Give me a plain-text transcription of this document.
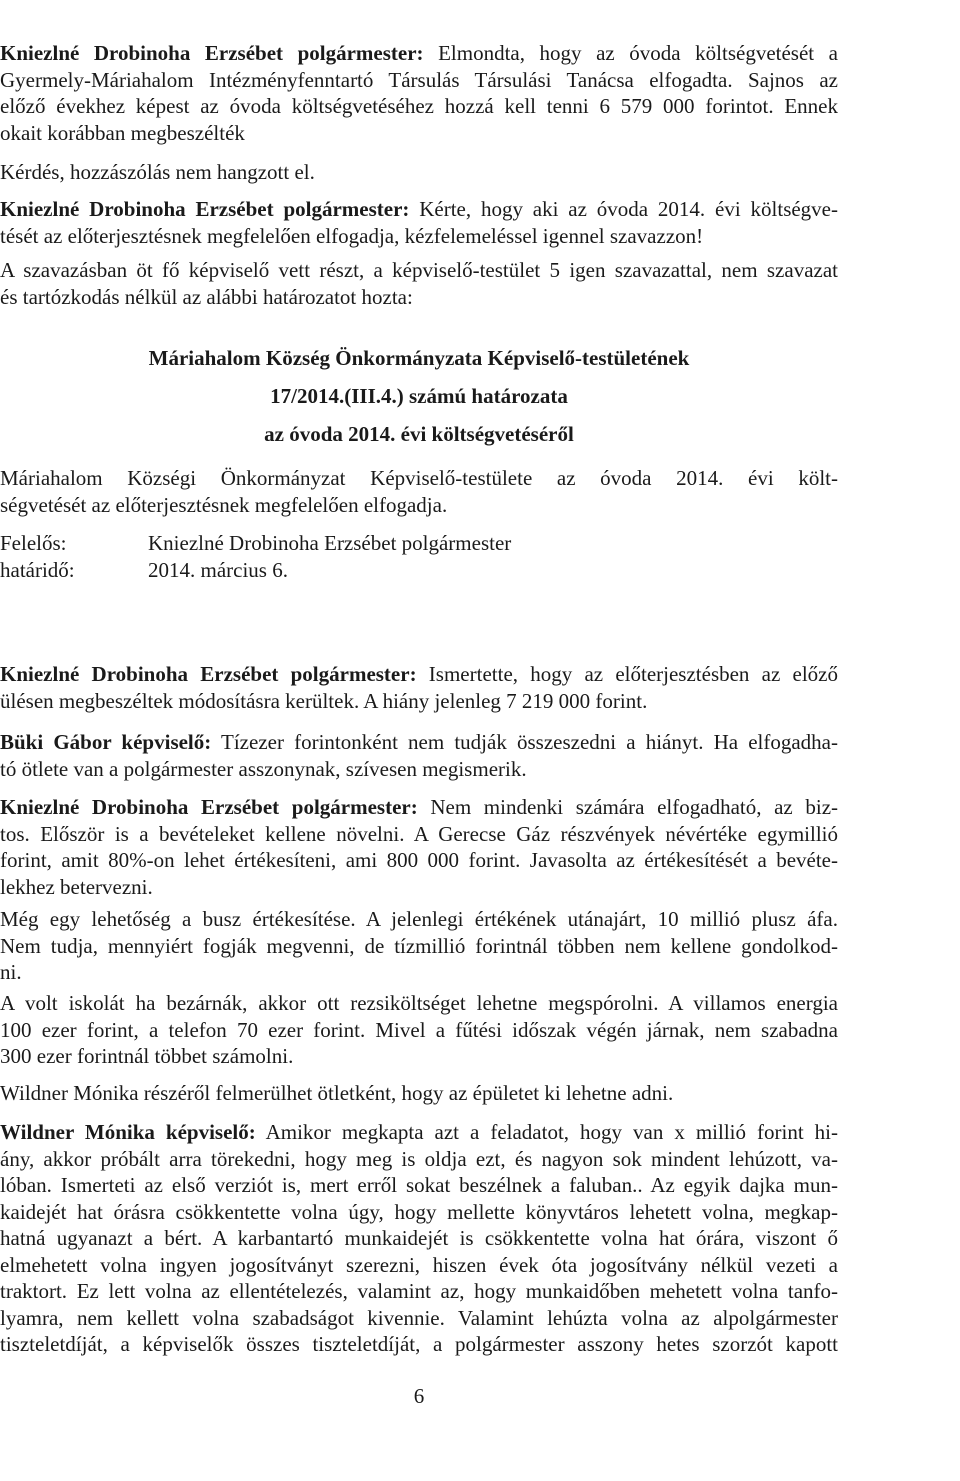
Kniezlné Drobinoha Erzsébet polgármester: Elmondta, hogy az óvoda költségvetését a
Gyermely-Máriahalom Intézményfenntartó Társulás Társulási Tanácsa elfogadta. Sajnos az
előző évekhez képest az óvoda költségvetéséhez hozzá kell tenni 6 579 000 forintot. Ennek
okait korábban megbeszélték
Kérdés, hozzászólás nem hangzott el.
Kniezlné Drobinoha Erzsébet polgármester: Kérte, hogy aki az óvoda 2014. évi költségve-
tését az előterjesztésnek megfelelően elfogadja, kézfelemeléssel igennel szavazzon!
A szavazásban öt fő képviselő vett részt, a képviselő-testület 5 igen szavazattal, nem szavazat
és tartózkodás nélkül az alábbi határozatot hozta:
Máriahalom Község Önkormányzata Képviselő-testületének
17/2014.(III.4.) számú határozata
az óvoda 2014. évi költségvetéséről
Máriahalom Községi Önkormányzat Képviselő-testülete az óvoda 2014. évi költ-
ségvetését az előterjesztésnek megfelelően elfogadja.
Felelős:	Kniezlné Drobinoha Erzsébet polgármester
határidő:	2014. március 6.
Kniezlné Drobinoha Erzsébet polgármester: Ismertette, hogy az előterjesztésben az előző
ülésen megbeszéltek módosításra kerültek. A hiány jelenleg 7 219 000 forint.
Büki Gábor képviselő: Tízezer forintonként nem tudják összeszedni a hiányt. Ha elfogadha-
tó ötlete van a polgármester asszonynak, szívesen megismerik.
Kniezlné Drobinoha Erzsébet polgármester: Nem mindenki számára elfogadható, az biz-
tos. Először is a bevételeket kellene növelni. A Gerecse Gáz részvények névértéke egymillió
forint, amit 80%-on lehet értékesíteni, ami 800 000 forint. Javasolta az értékesítését a bevéte-
lekhez betervezni.
Még egy lehetőség a busz értékesítése. A jelenlegi értékének utánajárt, 10 millió plusz áfa.
Nem tudja, mennyiért fogják megvenni, de tízmillió forintnál többen nem kellene gondolkod-
ni.
A volt iskolát ha bezárnák, akkor ott rezsiköltséget lehetne megspórolni. A villamos energia
100 ezer forint, a telefon 70 ezer forint. Mivel a fűtési időszak végén járnak, nem szabadna
300 ezer forintnál többet számolni.
Wildner Mónika részéről felmerülhet ötletként, hogy az épületet ki lehetne adni.
Wildner Mónika képviselő: Amikor megkapta azt a feladatot, hogy van x millió forint hi-
ány, akkor próbált arra törekedni, hogy meg is oldja ezt, és nagyon sok mindent lehúzott, va-
lóban. Ismerteti az első verziót is, mert erről sokat beszélnek a faluban.. Az egyik dajka mun-
kaidejét hat órásra csökkentette volna úgy, hogy mellette könyvtáros lehetett volna, megkap-
hatná ugyanazt a bért. A karbantartó munkaidejét is csökkentette volna hat órára, viszont ő
elmehetett volna ingyen jogosítványt szerezni, hiszen évek óta jogosítvány nélkül vezeti a
traktort. Ez lett volna az ellentételezés, valamint az, hogy munkaidőben mehetett volna tanfo-
lyamra, nem kellett volna szabadságot kivennie. Valamint lehúzta volna az alpolgármester
tiszteletdíját, a képviselők összes tiszteletdíját, a polgármester asszony hetes szorzót kapott
6
